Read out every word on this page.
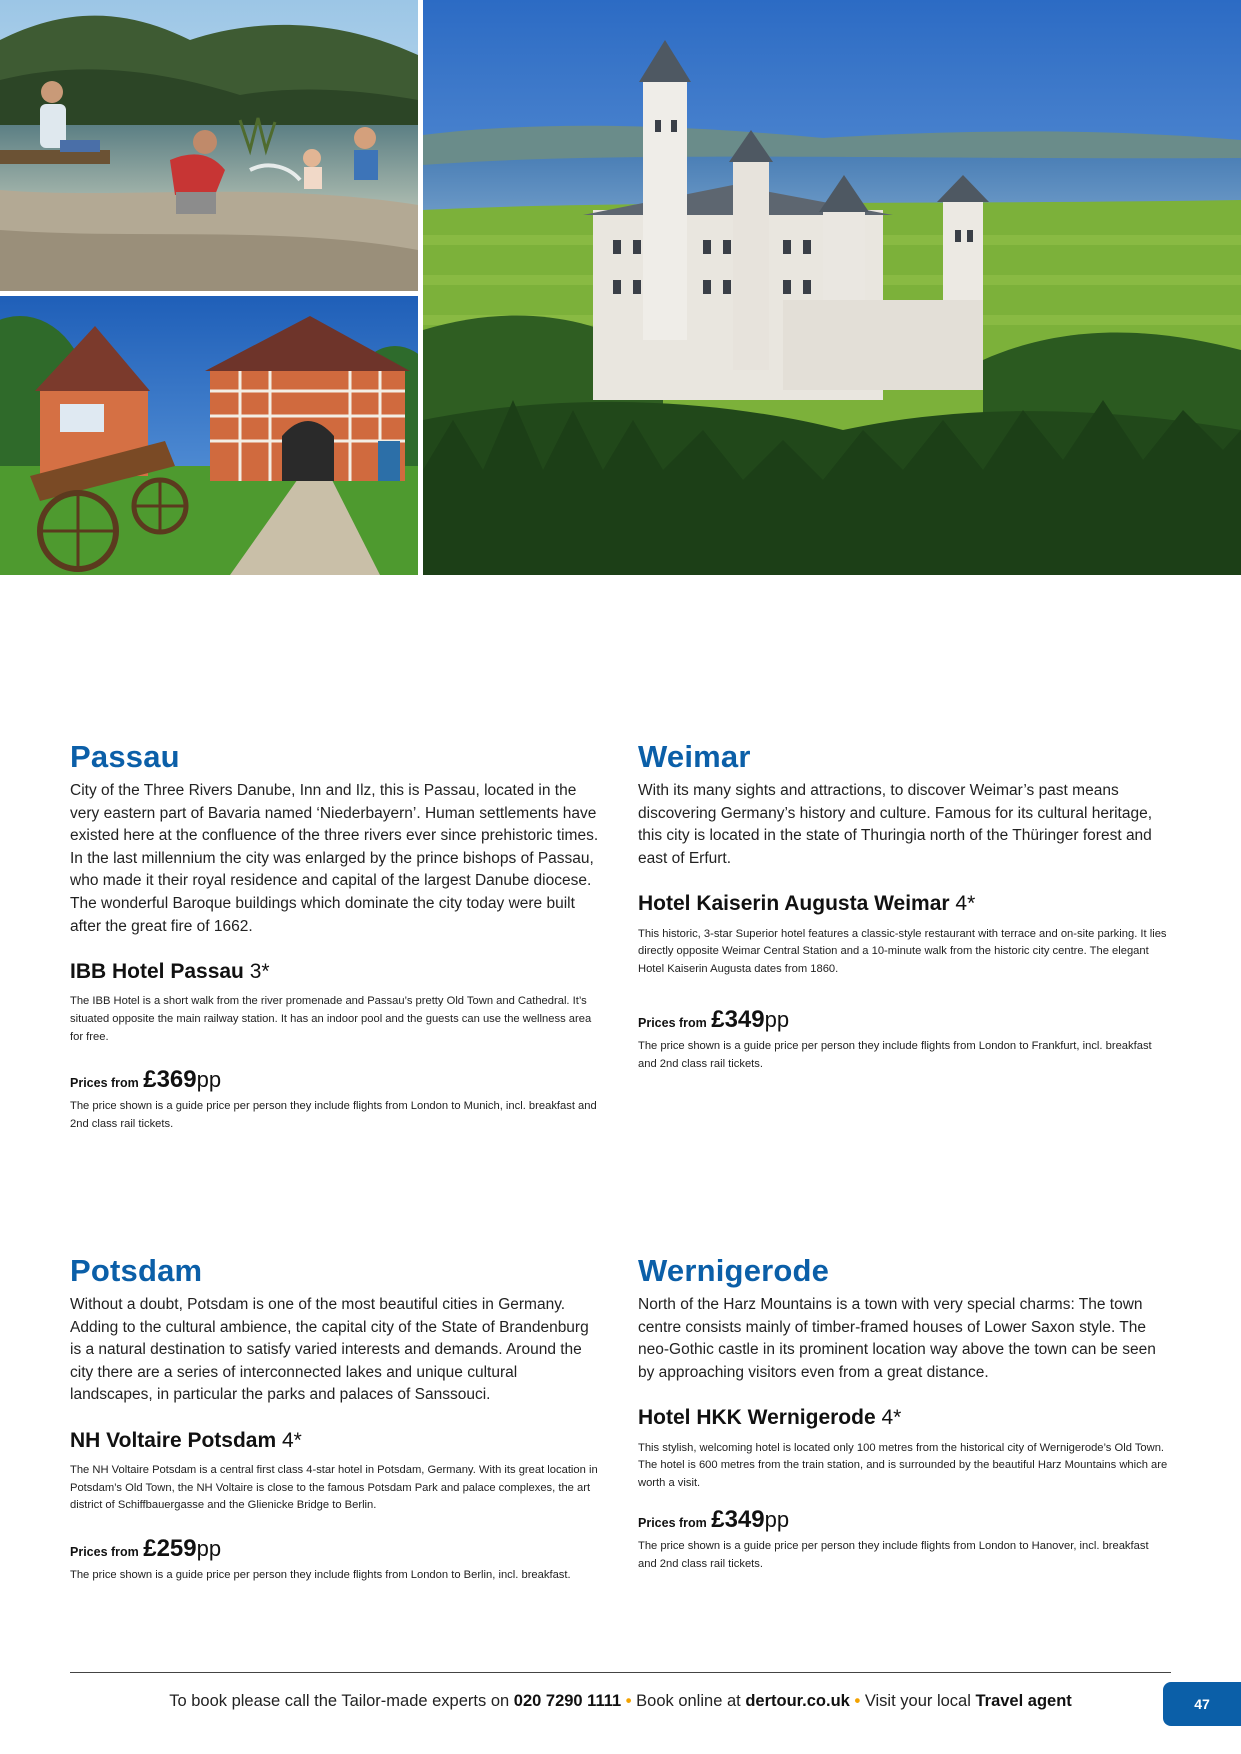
Passau

City of the Three Rivers Danube, Inn and Ilz, this is Passau, located in the very eastern part of Bavaria named ‘Niederbayern’. Human settlements have existed here at the confluence of the three rivers ever since prehistoric times. In the last millennium the city was enlarged by the prince bishops of Passau, who made it their royal residence and capital of the largest Danube diocese. The wonderful Baroque buildings which dominate the city today were built after the great fire of 1662.

IBB Hotel Passau 3*

The IBB Hotel is a short walk from the river promenade and Passau’s pretty Old Town and Cathedral. It’s situated opposite the main railway station. It has an indoor pool and the guests can use the wellness area for free.

Prices from £369pp

The price shown is a guide price per person they include flights from London to Munich, incl. breakfast and 2nd class rail tickets.

Weimar

With its many sights and attractions, to discover Weimar’s past means discovering Germany’s history and culture. Famous for its cultural heritage, this city is located in the state of Thuringia north of the Thüringer forest and east of Erfurt.

Hotel Kaiserin Augusta Weimar 4*

This historic, 3-star Superior hotel features a classic-style restaurant with terrace and on-site parking. It lies directly opposite Weimar Central Station and a 10-minute walk from the historic city centre. The elegant Hotel Kaiserin Augusta dates from 1860.

Prices from £349pp

The price shown is a guide price per person they include flights from London to Frankfurt, incl. breakfast and 2nd class rail tickets.

Potsdam

Without a doubt, Potsdam is one of the most beautiful cities in Germany. Adding to the cultural ambience, the capital city of the State of Brandenburg is a natural destination to satisfy varied interests and demands. Around the city there are a series of interconnected lakes and unique cultural landscapes, in particular the parks and palaces of Sanssouci.

NH Voltaire Potsdam 4*

The NH Voltaire Potsdam is a central first class 4-star hotel in Potsdam, Germany. With its great location in Potsdam’s Old Town, the NH Voltaire is close to the famous Potsdam Park and palace complexes, the art district of Schiffbauergasse and the Glienicke Bridge to Berlin.

Prices from £259pp

The price shown is a guide price per person they include flights from London to Berlin, incl. breakfast.

Wernigerode

North of the Harz Mountains is a town with very special charms: The town centre consists mainly of timber-framed houses of Lower Saxon style. The neo-Gothic castle in its prominent location way above the town can be seen by approaching visitors even from a great distance.

Hotel HKK Wernigerode 4*

This stylish, welcoming hotel is located only 100 metres from the historical city of Wernigerode’s Old Town. The hotel is 600 metres from the train station, and is surrounded by the beautiful Harz Mountains which are worth a visit.

Prices from £349pp

The price shown is a guide price per person they include flights from London to Hanover, incl. breakfast and 2nd class rail tickets.

To book please call the Tailor-made experts on 020 7290 1111 • Book online at dertour.co.uk • Visit your local Travel agent	47
